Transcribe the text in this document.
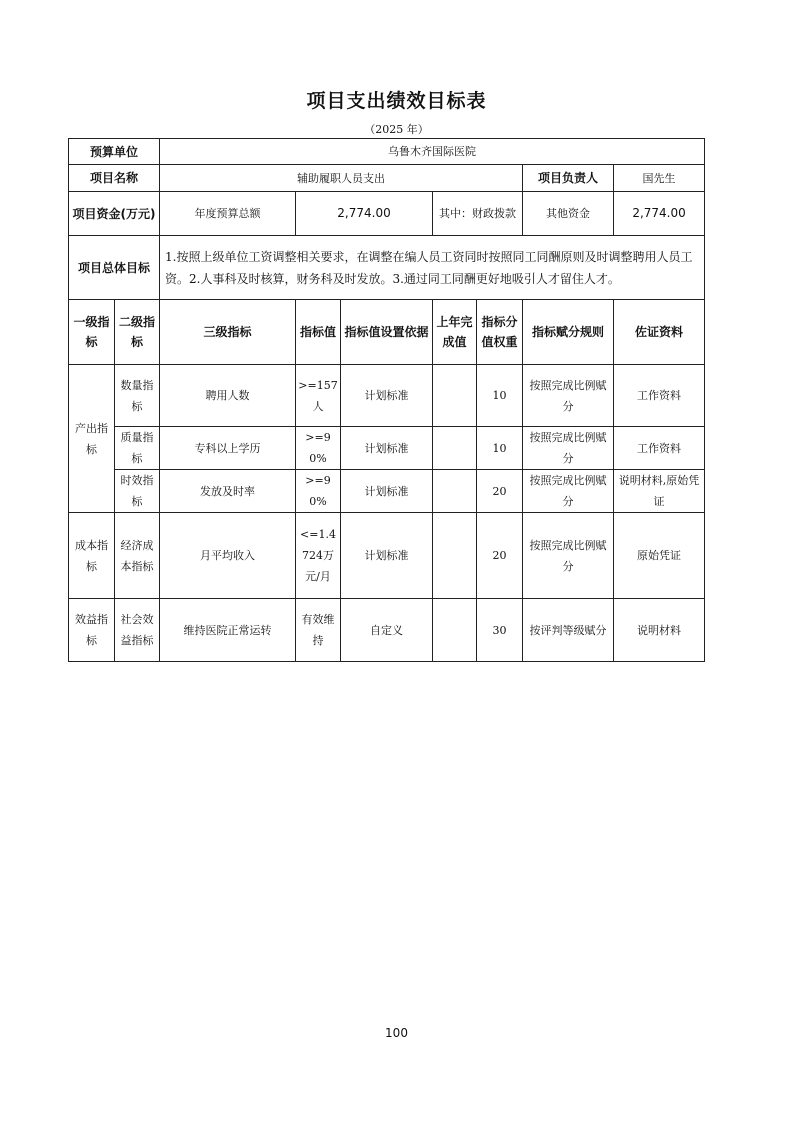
项目支出绩效目标表
（2025 年）
预算单位		乌鲁木齐国际医院						
项目名称		辅助履职人员支出					项目负责人	国先生
项目资金(万元)		年度预算总额	2,774.00		其中：财政拨款		其他资金	2,774.00
项目总体目标		1.按照上级单位工资调整相关要求，在调整在编人员工资同时按照同工同酬原则及时调整聘用人员工资。2.人事科及时核算，财务科及时发放。3.通过同工同酬更好地吸引人才留住人才。						
一级指标	二级指标	三级指标	指标值	指标值设置依据	上年完成值	指标分值权重	指标赋分规则	佐证资料
产出指标	数量指标	聘用人数	>=157人	计划标准		10	按照完成比例赋分	工作资料
	质量指标	专科以上学历	>=90%	计划标准		10	按照完成比例赋分	工作资料
	时效指标	发放及时率	>=90%	计划标准		20	按照完成比例赋分	说明材料,原始凭证
成本指标	经济成本指标	月平均收入	<=1.4724万元/月	计划标准		20	按照完成比例赋分	原始凭证
效益指标	社会效益指标	维持医院正常运转	有效维持	自定义		30	按评判等级赋分	说明材料
100
